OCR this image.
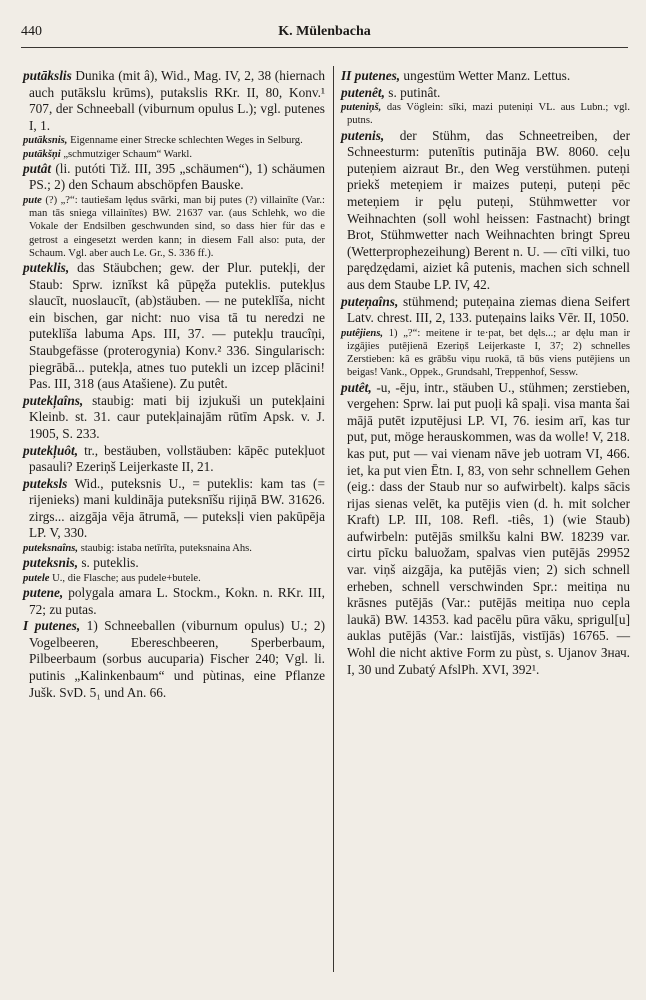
440	K. Mülenbacha

putākslis Dunika (mit â), Wid., Mag. IV, 2, 38 (hiernach auch putākslu krūms), putakslis RKr. II, 80, Konv.¹ 707, der Schneeball (viburnum opulus L.); vgl. putenes I, 1.

putāksnis, Eigenname einer Strecke schlechten Weges in Selburg.

putākšņi „schmutziger Schaum“ Warkl.

putât (li. putóti Tiž. III, 395 „schäumen“), 1) schäumen PS.; 2) den Schaum abschöpfen Bauske.

pute (?) „?“: tautiešam lędus svārki, man bij putes (?) villainīte (Var.: man tās sniega villainītes) BW. 21637 var. (aus Schlehk, wo die Vokale der Endsilben geschwunden sind, so dass hier für das e getrost a eingesetzt werden kann; in diesem Fall also: puta, der Schaum. Vgl. aber auch Le. Gr., S. 336 ff.).

puteklis, das Stäubchen; gew. der Plur. putekļi, der Staub: Sprw. iznīkst kâ pūpęža puteklis. putekļus slaucīt, nuoslaucīt, (ab)stäuben. — ne puteklīša, nicht ein bischen, gar nicht: nuo visa tā tu neredzi ne puteklīša labuma Aps. III, 37. — putekļu traucîņi, Staubgefässe (proterogynia) Konv.² 336. Singularisch: piegrābā... putekļa, atnes tuo putekli un izcep plācini! Pas. III, 318 (aus Atašiene). Zu putêt.

putekļaîns, staubig: mati bij izjukuši un putekļaini Kleinb. st. 31. caur putekļainajām rūtīm Apsk. v. J. 1905, S. 233.

putekļuôt, tr., bestäuben, vollstäuben: kāpēc putekļuot pasauli? Ezeriņš Leijerkaste II, 21.

puteksls Wid., puteksnis U., = puteklis: kam tas (= rijenieks) mani kuldināja puteksnīšu rijiņā BW. 31626. zirgs... aizgāja vēja ātrumā, — puteksļi vien pakūpēja LP. V, 330.

puteksnaîns, staubig: istaba netīrīta, puteksnaina Ahs.

puteksnis, s. puteklis.

putele U., die Flasche; aus pudele+butele.

putene, polygala amara L. Stockm., Kokn. n. RKr. III, 72; zu putas.

I putenes, 1) Schneeballen (viburnum opulus) U.; 2) Vogelbeeren, Ebereschbeeren, Sperberbaum, Pilbeerbaum (sorbus aucuparia) Fischer 240; Vgl. li. putinis „Kalinkenbaum“ und pùtinas, eine Pflanze Jušk. SvD. 5₁ und An. 66.

II putenes, ungestüm Wetter Manz. Lettus.

putenêt, s. putinât.

puteniņš, das Vöglein: sīki, mazi puteniņi VL. aus Lubn.; vgl. putns.

putenis, der Stühm, das Schneetreiben, der Schneesturm: putenītis putināja BW. 8060. ceļu puteņiem aizraut Br., den Weg verstühmen. puteņi priekš meteņiem ir maizes puteņi, puteņi pēc meteņiem ir pęlu puteņi, Stühmwetter vor Weihnachten (soll wohl heissen: Fastnacht) bringt Brot, Stühmwetter nach Weihnachten bringt Spreu (Wetterprophezeihung) Berent n. U. — cīti vilki, tuo parędzędami, aiziet kâ putenis, machen sich schnell aus dem Staube LP. IV, 42.

puteņaîns, stühmend; puteņaina ziemas diena Seifert Latv. chrest. III, 2, 133. puteņains laiks Vēr. II, 1050.

putêjiens, 1) „?“: meitene ir te·pat, bet dęls...; ar dęlu man ir izgājies putējienā Ezeriņš Leijerkaste I, 37; 2) schnelles Zerstieben: kâ es grābšu viņu ruokā, tā būs viens putējiens un beigas! Vank., Oppek., Grundsahl, Treppenhof, Sessw.

putêt, -u, -ēju, intr., stäuben U., stühmen; zerstieben, vergehen: Sprw. lai put puoļi kâ spaļi. visa manta šai mājā putēt izputējusi LP. VI, 76. iesim arī, kas tur put, put, möge herauskommen, was da wolle! V, 218. kas put, put — vai vienam nāve jeb uotram VI, 466. iet, ka put vien Ētn. I, 83, von sehr schnellem Gehen (eig.: dass der Staub nur so aufwirbelt). kalps sācis rijas sienas velēt, ka putējis vien (d. h. mit solcher Kraft) LP. III, 108. Refl. -tiês, 1) (wie Staub) aufwirbeln: putējās smilkšu kalni BW. 18239 var. cirtu pīcku baluožam, spalvas vien putējās 29952 var. viņš aizgāja, ka putējās vien; 2) sich schnell erheben, schnell verschwinden Spr.: meitiņa nu krāsnes putējās (Var.: putējās meitiņa nuo ceplа laukā) BW. 14353. kad pacēlu pūra vāku, sprigul[u] auklas putējās (Var.: laistījās, vistījās) 16765. — Wohl die nicht aktive Form zu pùst, s. Ujanov Знач. I, 30 und Zubatý AfslPh. XVI, 392¹.
